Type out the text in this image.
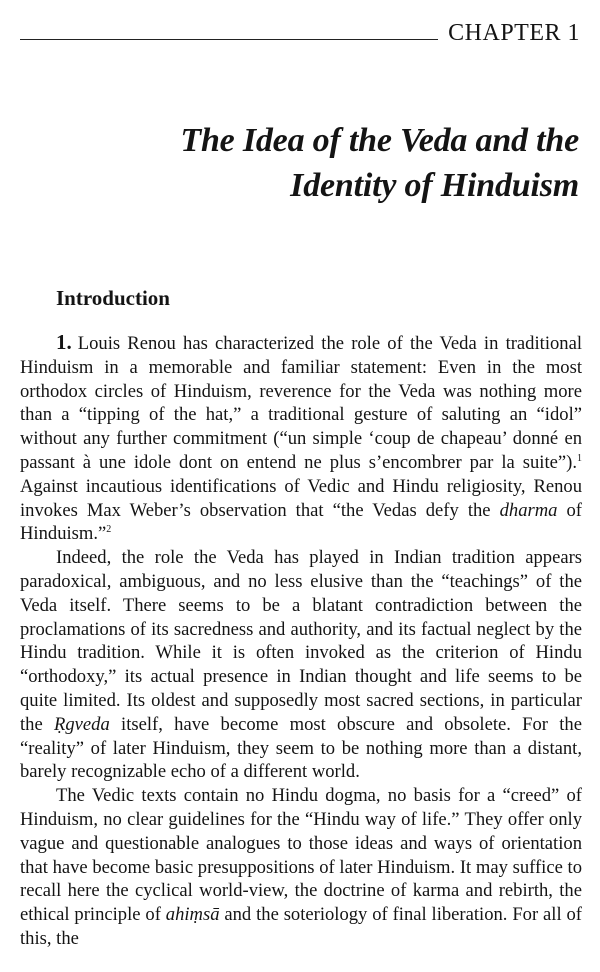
CHAPTER 1
The Idea of the Veda and the
Identity of Hinduism
Introduction

1. Louis Renou has characterized the role of the Veda in traditional Hinduism in a memorable and familiar statement: Even in the most orthodox circles of Hinduism, reverence for the Veda was nothing more than a “tipping of the hat,” a traditional gesture of saluting an “idol” without any further commitment (“un simple ‘coup de chapeau’ donné en passant à une idole dont on entend ne plus s’encombrer par la suite”).$^1$ Against incautious identifications of Vedic and Hindu religiosity, Renou invokes Max Weber’s observation that “the Vedas defy the dharma of Hinduism.”$^2$

Indeed, the role the Veda has played in Indian tradition appears paradoxical, ambiguous, and no less elusive than the “teachings” of the Veda itself. There seems to be a blatant contradiction between the proclamations of its sacredness and authority, and its factual neglect by the Hindu tradition. While it is often invoked as the criterion of Hindu “orthodoxy,” its actual presence in Indian thought and life seems to be quite limited. Its oldest and supposedly most sacred sections, in particular the Ṛgveda itself, have become most obscure and obsolete. For the “reality” of later Hinduism, they seem to be nothing more than a distant, barely recognizable echo of a different world.

The Vedic texts contain no Hindu dogma, no basis for a “creed” of Hinduism, no clear guidelines for the “Hindu way of life.” They offer only vague and questionable analogues to those ideas and ways of orientation that have become basic presuppositions of later Hinduism. It may suffice to recall here the cyclical world-view, the doctrine of karma and rebirth, the ethical principle of ahiṃsā and the soteriology of final liberation. For all of this, the
